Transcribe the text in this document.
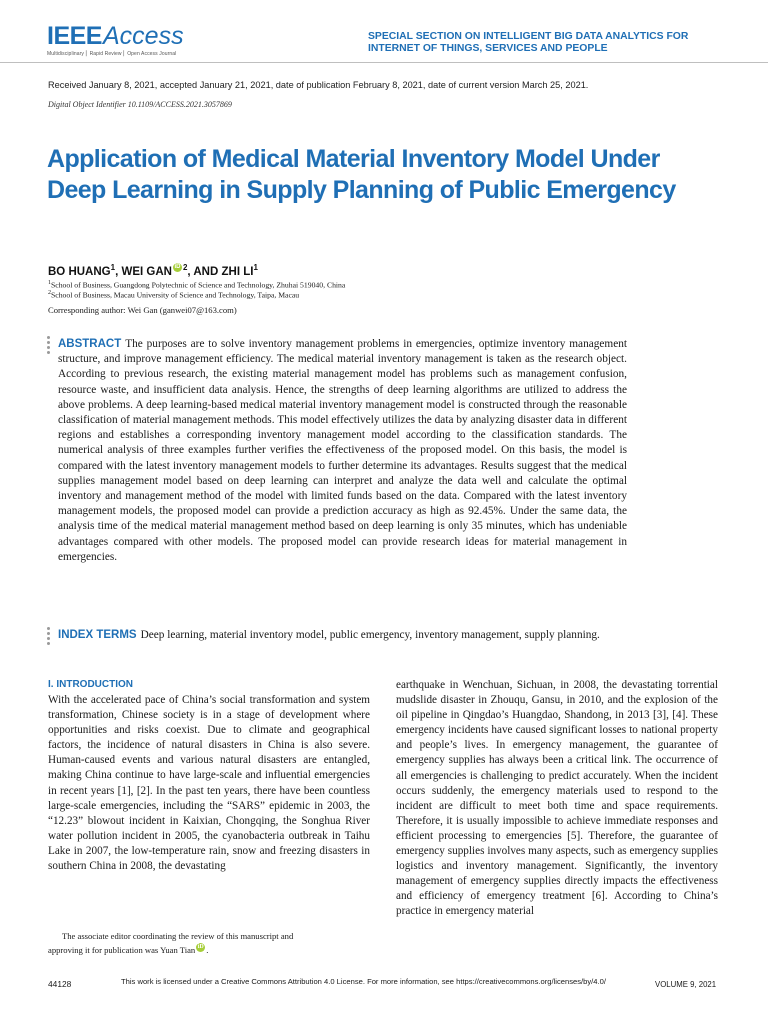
IEEEAccess
Multidisciplinary ⎜ Rapid Review ⎜ Open Access Journal
SPECIAL SECTION ON INTELLIGENT BIG DATA ANALYTICS FOR
INTERNET OF THINGS, SERVICES AND PEOPLE
Received January 8, 2021, accepted January 21, 2021, date of publication February 8, 2021, date of current version March 25, 2021.
Digital Object Identifier 10.1109/ACCESS.2021.3057869
Application of Medical Material Inventory Model Under Deep Learning in Supply Planning of Public Emergency
BO HUANG$^1$, WEI GAN iD $^2$, AND ZHI $LI^1$
$^1$School of Business, Guangdong Polytechnic of Science and Technology, Zhuhai 519040, China
$^2$School of Business, Macau University of Science and Technology, Taipa, Macau
Corresponding author: Wei Gan (ganwei07@163.com)
ABSTRACT The purposes are to solve inventory management problems in emergencies, optimize inventory management structure, and improve management efficiency. The medical material inventory management is taken as the research object. According to previous research, the existing material management model has problems such as management confusion, resource waste, and insufficient data analysis. Hence, the strengths of deep learning algorithms are utilized to address the above problems. A deep learning-based medical material inventory management model is constructed through the reasonable classification of material management methods. This model effectively utilizes the data by analyzing disaster data in different regions and establishes a corresponding inventory management model according to the classification standards. The numerical analysis of three examples further verifies the effectiveness of the proposed model. On this basis, the model is compared with the latest inventory management models to further determine its advantages. Results suggest that the medical supplies management model based on deep learning can interpret and analyze the data well and calculate the optimal inventory and management method of the model with limited funds based on the data. Compared with the latest inventory management models, the proposed model can provide a prediction accuracy as high as 92.45%. Under the same data, the analysis time of the medical material management method based on deep learning is only 35 minutes, which has undeniable advantages compared with other models. The proposed model can provide research ideas for material management in emergencies.
INDEX TERMS Deep learning, material inventory model, public emergency, inventory management, supply planning.
I. INTRODUCTION

With the accelerated pace of China’s social transformation and system transformation, Chinese society is in a stage of development where opportunities and risks coexist. Due to climate and geographical factors, the incidence of natural disasters in China is also severe. Human-caused events and various natural disasters are entangled, making China continue to have large-scale and influential emergencies in recent years [1], [2]. In the past ten years, there have been countless large-scale emergencies, including the “SARS” epidemic in 2003, the “12.23” blowout incident in Kaixian, Chongqing, the Songhua River water pollution incident in 2005, the cyanobacteria outbreak in Taihu Lake in 2007, the low-temperature rain, snow and freezing disasters in southern China in 2008, the devastating

earthquake in Wenchuan, Sichuan, in 2008, the devastating torrential mudslide disaster in Zhouqu, Gansu, in 2010, and the explosion of the oil pipeline in Qingdao’s Huangdao, Shandong, in 2013 [3], [4]. These emergency incidents have caused significant losses to national property and people’s lives. In emergency management, the guarantee of emergency supplies has always been a critical link. The occurrence of all emergencies is challenging to predict accurately. When the incident occurs suddenly, the emergency materials used to respond to the incident are difficult to meet both time and space requirements. Therefore, it is usually impossible to achieve immediate responses and efficient processing to emergencies [5]. Therefore, the guarantee of emergency supplies involves many aspects, such as emergency supplies logistics and inventory management. Significantly, the inventory management of emergency supplies directly impacts the effectiveness and efficiency of emergency treatment [6]. According to China’s practice in emergency material

The associate editor coordinating the review of this manuscript and

approving it for publication was Yuan Tian iD .
44128	This work is licensed under a Creative Commons Attribution 4.0 License. For more information, see https://creativecommons.org/licenses/by/4.0/	VOLUME 9, 2021
